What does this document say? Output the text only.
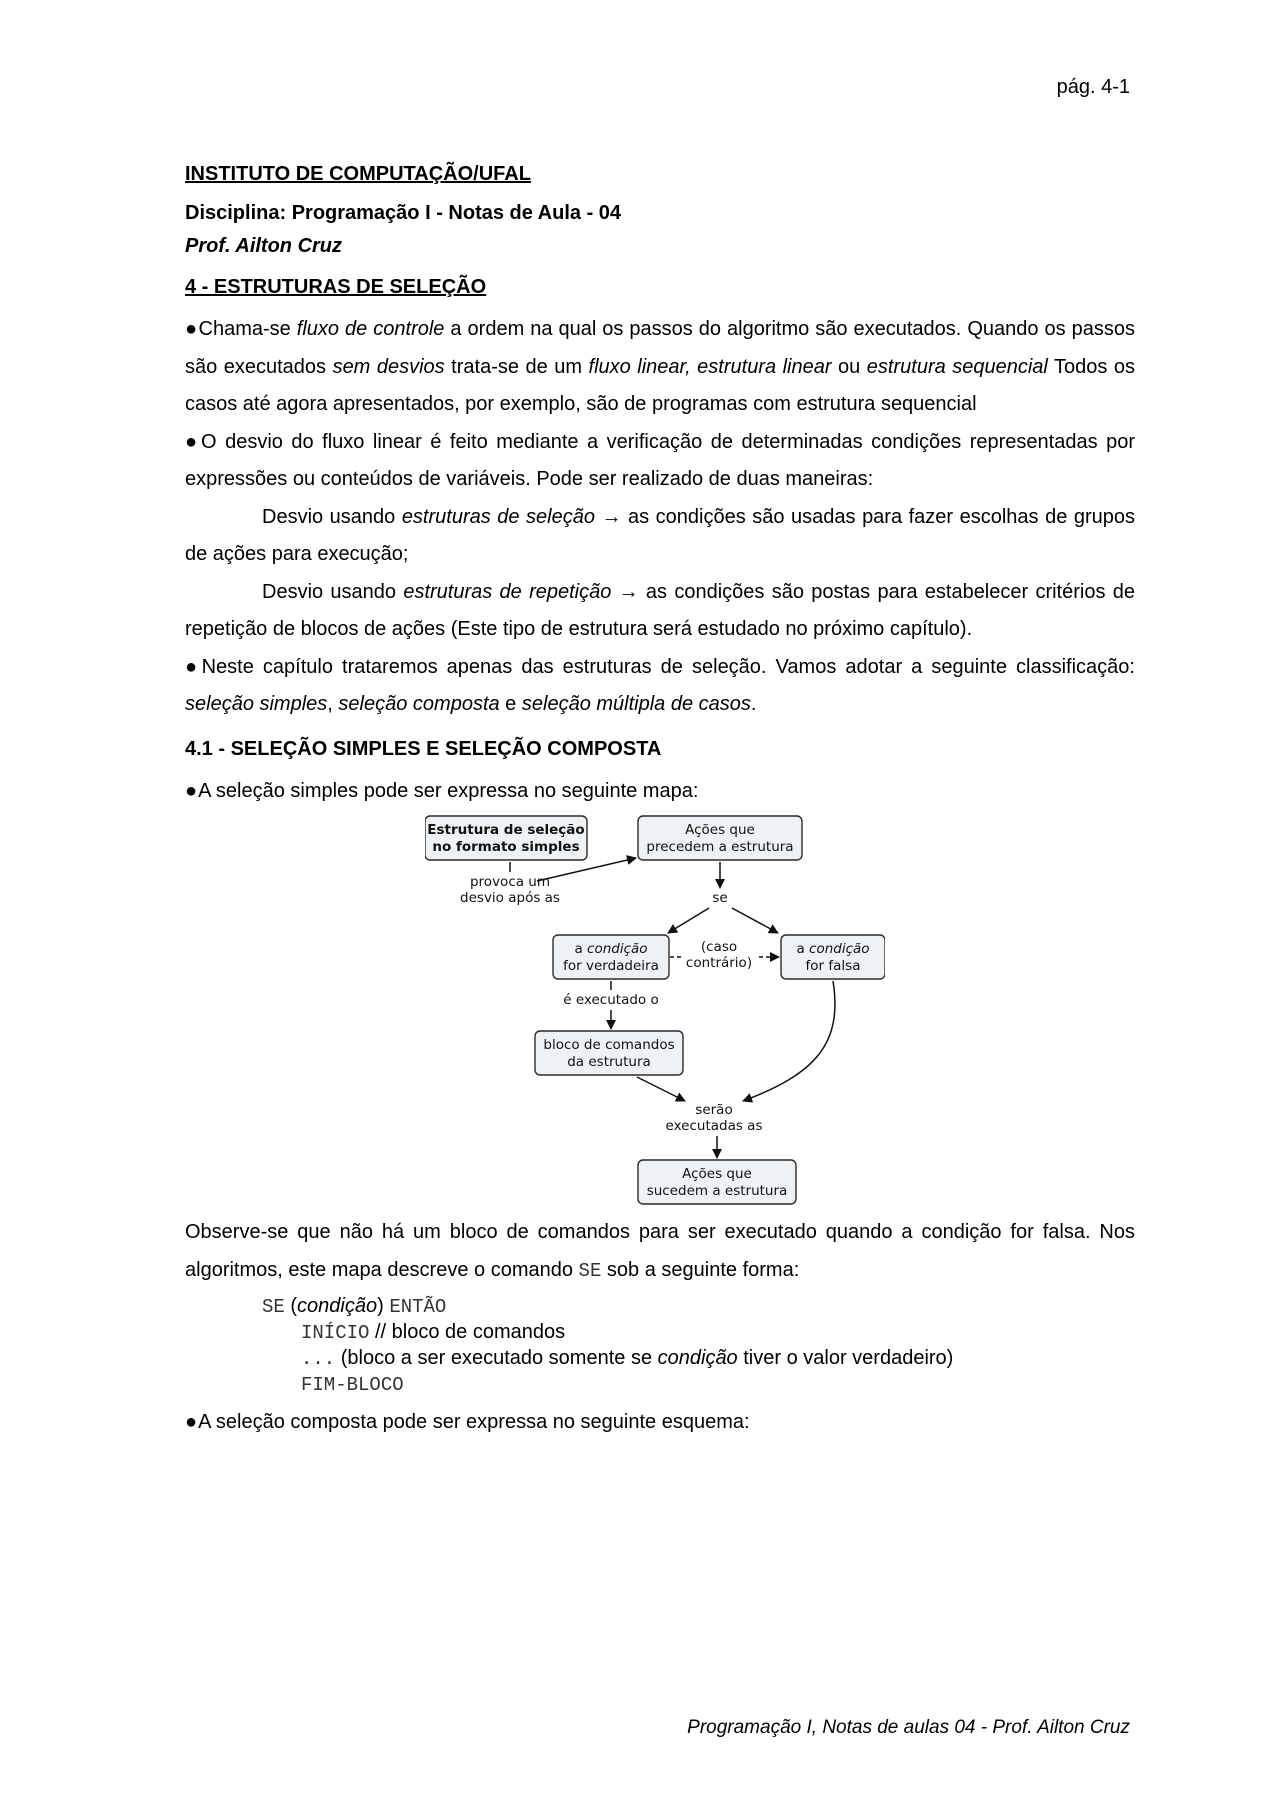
pág. 4-1
INSTITUTO DE COMPUTAÇÃO/UFAL
Disciplina: Programação I - Notas de Aula - 04
Prof. Ailton Cruz
4 - ESTRUTURAS DE SELEÇÃO

●Chama-se fluxo de controle a ordem na qual os passos do algoritmo são executados. Quando os passos são executados sem desvios trata-se de um fluxo linear, estrutura linear ou estrutura sequencial Todos os casos até agora apresentados, por exemplo, são de programas com estrutura sequencial

●O desvio do fluxo linear é feito mediante a verificação de determinadas condições representadas por expressões ou conteúdos de variáveis. Pode ser realizado de duas maneiras:

Desvio usando estruturas de seleção → as condições são usadas para fazer escolhas de grupos de ações para execução;

Desvio usando estruturas de repetição → as condições são postas para estabelecer critérios de repetição de blocos de ações (Este tipo de estrutura será estudado no próximo capítulo).

●Neste capítulo trataremos apenas das estruturas de seleção. Vamos adotar a seguinte classificação: seleção simples, seleção composta e seleção múltipla de casos.

4.1 - SELEÇÃO SIMPLES E SELEÇÃO COMPOSTA

●A seleção simples pode ser expressa no seguinte mapa:

Estrutura de seleção
no formato simples
Ações que
precedem a estrutura
provoca um
desvio após as	se
a condição
for verdadeira
(caso
contrário)
a condição
for falsa
é executado o
bloco de comandos
da estrutura
serão
executadas as
Ações que
sucedem a estrutura

Observe-se que não há um bloco de comandos para ser executado quando a condição for falsa. Nos algoritmos, este mapa descreve o comando SE sob a seguinte forma:

SE (condição) ENTÃO
INÍCIO // bloco de comandos
... (bloco a ser executado somente se condição tiver o valor verdadeiro)
FIM-BLOCO

●A seleção composta pode ser expressa no seguinte esquema:

Programação I, Notas de aulas 04 - Prof. Ailton Cruz
